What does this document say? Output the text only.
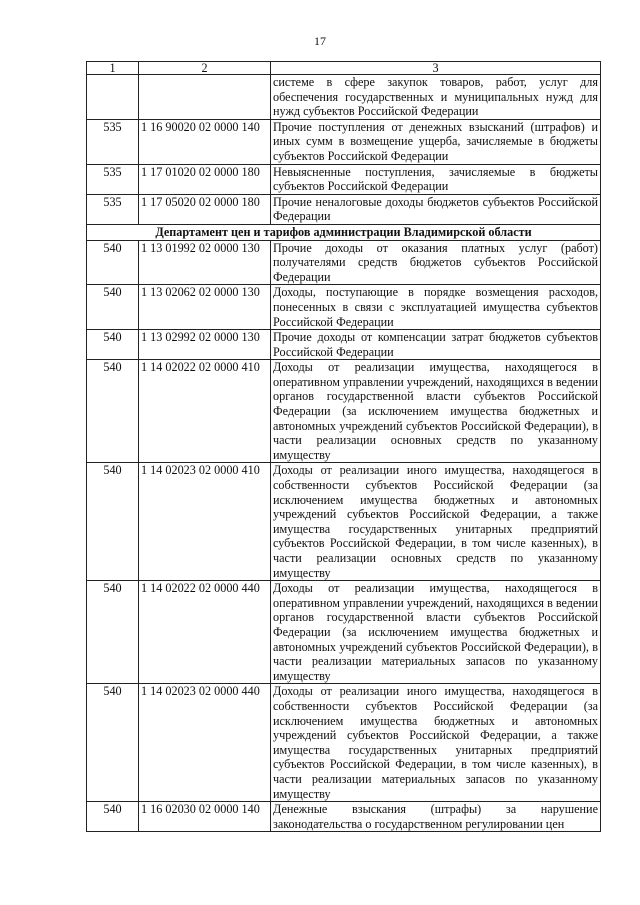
17
1	2	3
		системе в сфере закупок товаров, работ, услуг для обеспечения государственных и муниципальных нужд для нужд субъектов Российской Федерации
535	1 16 90020 02 0000 140	Прочие поступления от денежных взысканий (штрафов) и иных сумм в возмещение ущерба, зачисляемые в бюджеты субъектов Российской Федерации
535	1 17 01020 02 0000 180	Невыясненные поступления, зачисляемые в бюджеты субъектов Российской Федерации
535	1 17 05020 02 0000 180	Прочие неналоговые доходы бюджетов субъектов Российской Федерации
Департамент цен и тарифов администрации Владимирской области		
540	1 13 01992 02 0000 130	Прочие доходы от оказания платных услуг (работ) получателями средств бюджетов субъектов Российской Федерации
540	1 13 02062 02 0000 130	Доходы, поступающие в порядке возмещения расходов, понесенных в связи с эксплуатацией имущества субъектов Российской Федерации
540	1 13 02992 02 0000 130	Прочие доходы от компенсации затрат бюджетов субъектов Российской Федерации
540	1 14 02022 02 0000 410	Доходы от реализации имущества, находящегося в оперативном управлении учреждений, находящихся в ведении органов государственной власти субъектов Российской Федерации (за исключением имущества бюджетных и автономных учреждений субъектов Российской Федерации), в части реализации основных средств по указанному имуществу
540	1 14 02023 02 0000 410	Доходы от реализации иного имущества, находящегося в собственности субъектов Российской Федерации (за исключением имущества бюджетных и автономных учреждений субъектов Российской Федерации, а также имущества государственных унитарных предприятий субъектов Российской Федерации, в том числе казенных), в части реализации основных средств по указанному имуществу
540	1 14 02022 02 0000 440	Доходы от реализации имущества, находящегося в оперативном управлении учреждений, находящихся в ведении органов государственной власти субъектов Российской Федерации (за исключением имущества бюджетных и автономных учреждений субъектов Российской Федерации), в части реализации материальных запасов по указанному имуществу
540	1 14 02023 02 0000 440	Доходы от реализации иного имущества, находящегося в собственности субъектов Российской Федерации (за исключением имущества бюджетных и автономных учреждений субъектов Российской Федерации, а также имущества государственных унитарных предприятий субъектов Российской Федерации, в том числе казенных), в части реализации материальных запасов по указанному имуществу
540	1 16 02030 02 0000 140	Денежные взыскания (штрафы) за нарушение законодательства о государственном регулировании цен
